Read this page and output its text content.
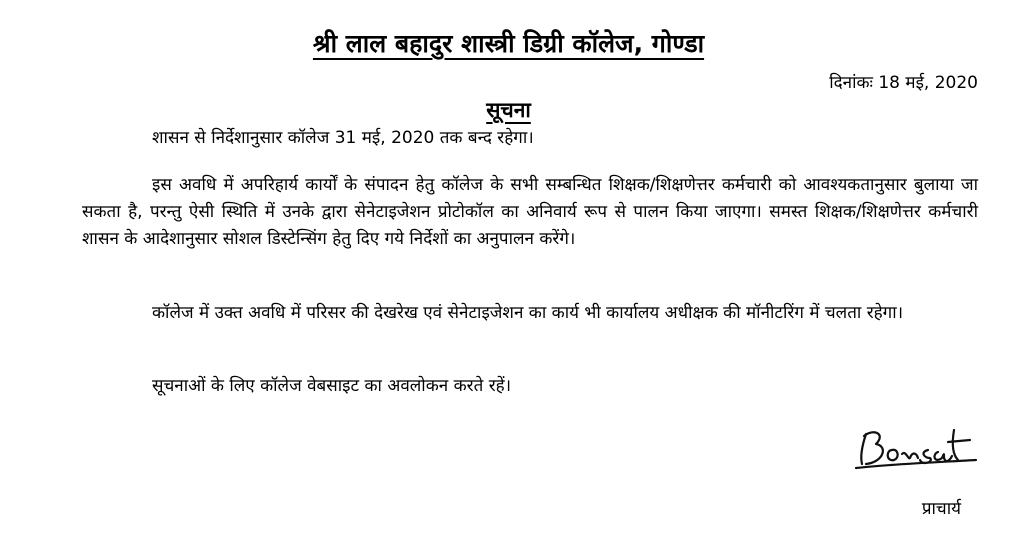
श्री लाल बहादुर शास्त्री डिग्री कॉलेज, गोण्डा
दिनांकः 18 मई, 2020
सूचना

शासन से निर्देशानुसार कॉलेज 31 मई, 2020 तक बन्द रहेगा।

इस अवधि में अपरिहार्य कार्यों के संपादन हेतु कॉलेज के सभी सम्बन्धित शिक्षक/शिक्षणेत्तर कर्मचारी को आवश्यकतानुसार बुलाया जा सकता है, परन्तु ऐसी स्थिति में उनके द्वारा सेनेटाइजेशन प्रोटोकॉल का अनिवार्य रूप से पालन किया जाएगा। समस्त शिक्षक/शिक्षणेत्तर कर्मचारी शासन के आदेशानुसार सोशल डिस्टेन्सिंग हेतु दिए गये निर्देशों का अनुपालन करेंगे।

कॉलेज में उक्त अवधि में परिसर की देखरेख एवं सेनेटाइजेशन का कार्य भी कार्यालय अधीक्षक की मॉनीटरिंग में चलता रहेगा।

सूचनाओं के लिए कॉलेज वेबसाइट का अवलोकन करते रहें।

प्राचार्य
